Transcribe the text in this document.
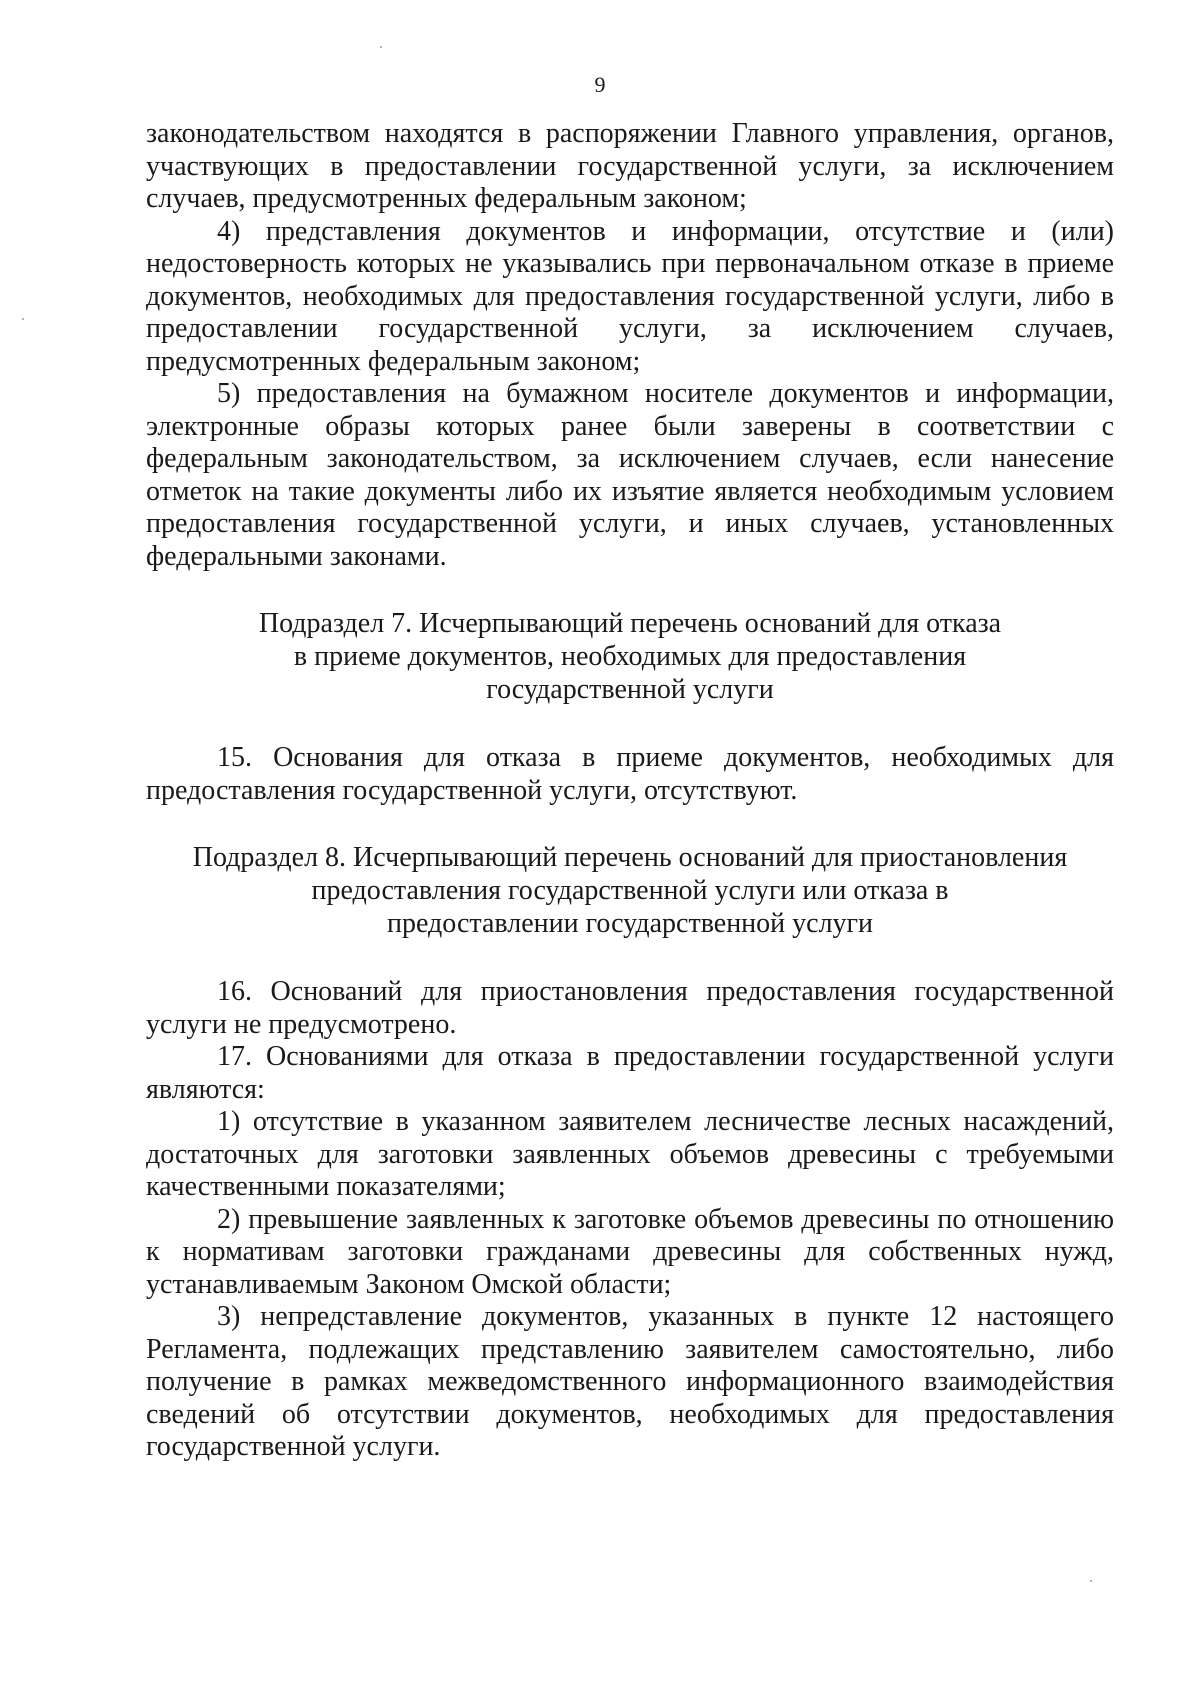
9

законодательством находятся в распоряжении Главного управления, органов, участвующих в предоставлении государственной услуги, за исключением случаев, предусмотренных федеральным законом;

4) представления документов и информации, отсутствие и (или) недостоверность которых не указывались при первоначальном отказе в приеме документов, необходимых для предоставления государственной услуги, либо в предоставлении государственной услуги, за исключением случаев, предусмотренных федеральным законом;

5) предоставления на бумажном носителе документов и информации, электронные образы которых ранее были заверены в соответствии с федеральным законодательством, за исключением случаев, если нанесение отметок на такие документы либо их изъятие является необходимым условием предоставления государственной услуги, и иных случаев, установленных федеральными законами.

Подраздел 7. Исчерпывающий перечень оснований для отказа
в приеме документов, необходимых для предоставления
государственной услуги

15. Основания для отказа в приеме документов, необходимых для предоставления государственной услуги, отсутствуют.

Подраздел 8. Исчерпывающий перечень оснований для приостановления
предоставления государственной услуги или отказа в
предоставлении государственной услуги

16. Оснований для приостановления предоставления государственной услуги не предусмотрено.

17. Основаниями для отказа в предоставлении государственной услуги являются:

1) отсутствие в указанном заявителем лесничестве лесных насаждений, достаточных для заготовки заявленных объемов древесины с требуемыми качественными показателями;

2) превышение заявленных к заготовке объемов древесины по отношению к нормативам заготовки гражданами древесины для собственных нужд, устанавливаемым Законом Омской области;

3) непредставление документов, указанных в пункте 12 настоящего Регламента, подлежащих представлению заявителем самостоятельно, либо получение в рамках межведомственного информационного взаимодействия сведений об отсутствии документов, необходимых для предоставления государственной услуги.
